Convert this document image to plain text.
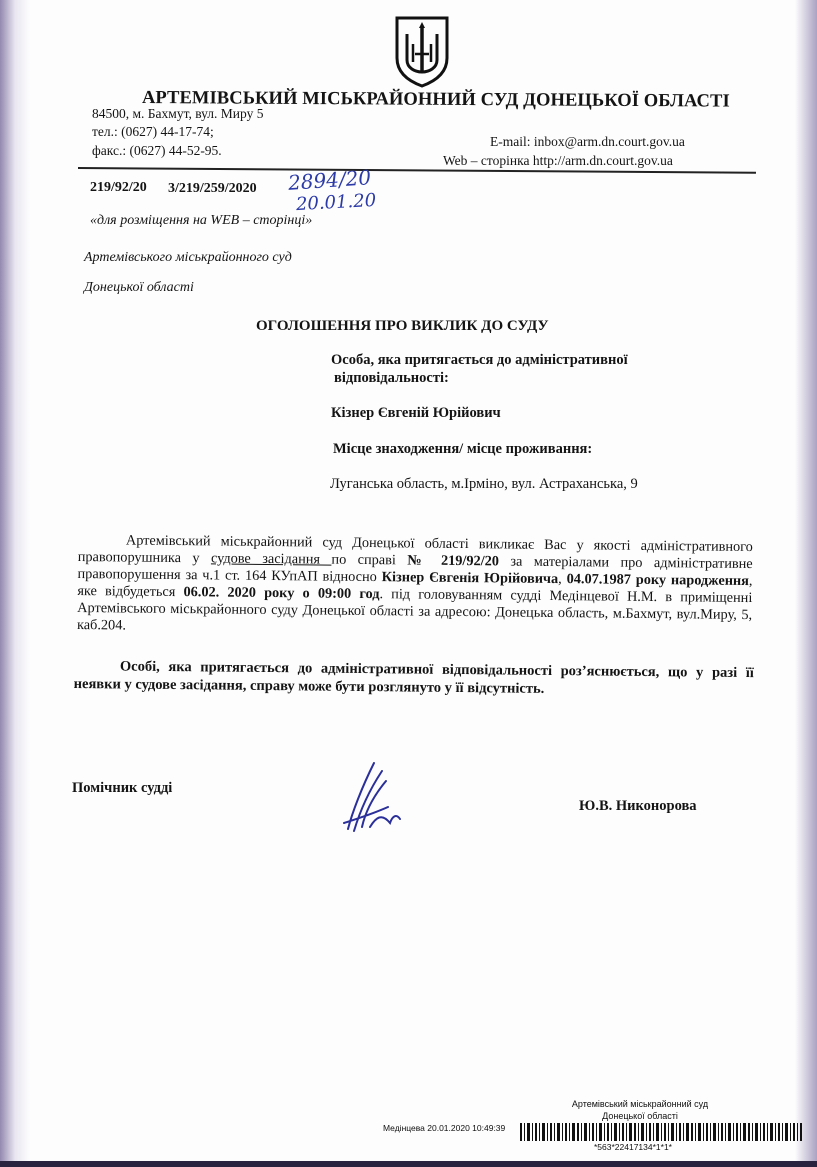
АРТЕМІВСЬКИЙ МІСЬКРАЙОННИЙ СУД ДОНЕЦЬКОЇ ОБЛАСТІ
84500, м. Бахмут, вул. Миру 5
тел.: (0627) 44-17-74;
факс.: (0627) 44-52-95.
E-mail: inbox@arm.dn.court.gov.ua
Web – сторінка http://arm.dn.court.gov.ua
219/92/20 3/219/259/2020 2894/20
20.01.20
«для розміщення на WEB – сторінці»
Артемівського міськрайонного суд
Донецької області
ОГОЛОШЕННЯ ПРО ВИКЛИК ДО СУДУ
Особа, яка притягається до адміністративної
відповідальності:
Кізнер Євгеній Юрійович
Місце знаходження/ місце проживання:
Луганська область, м.Ірміно, вул. Астраханська, 9
Артемівський міськрайонний суд Донецької області викликає Вас у якості адміністративного правопорушника у судове засідання по справі № 219/92/20 за матеріалами про адміністративне правопорушення за ч.1 ст. 164 КУпАП відносно Кізнер Євгенія Юрійовича, 04.07.1987 року народження, яке відбудеться 06.02. 2020 року о 09:00 год. під головуванням судді Медінцевої Н.М. в приміщенні Артемівського міськрайонного суду Донецької області за адресою: Донецька область, м.Бахмут, вул.Миру, 5, каб.204.
Особі, яка притягається до адміністративної відповідальності роз’яснюється, що у разі її неявки у судове засідання, справу може бути розглянуто у її відсутність.
Помічник судді
Ю.В. Никонорова
Артемівський міськрайонний суд
Донецької області
Медінцева 20.01.2020 10:49:39
*563*22417134*1*1*
